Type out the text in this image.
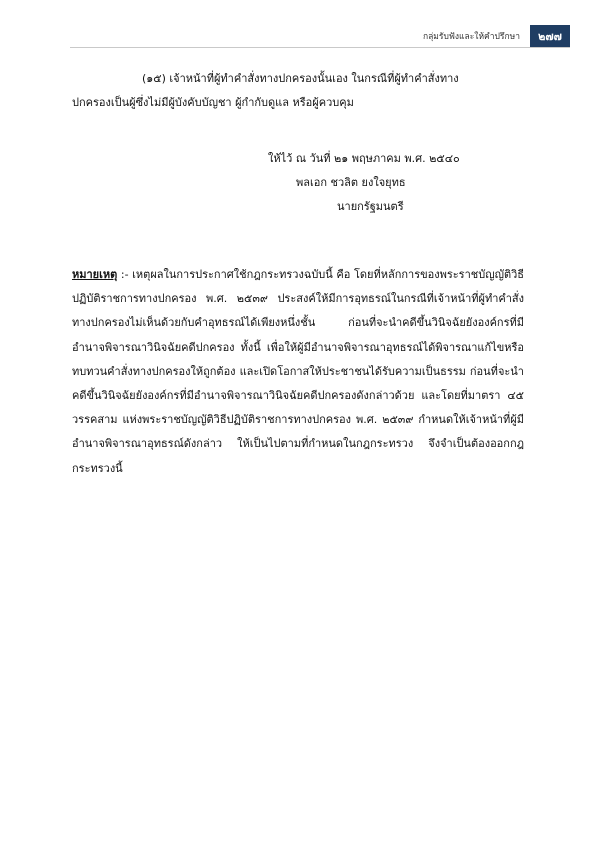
กลุ่มรับฟังและให้คำปรึกษา	๒๗๗
(๑๕) เจ้าหน้าที่ผู้ทำคำสั่งทางปกครองนั้นเอง ในกรณีที่ผู้ทำคำสั่งทาง
ปกครองเป็นผู้ซึ่งไม่มีผู้บังคับบัญชา ผู้กำกับดูแล หรือผู้ควบคุม
ให้ไว้ ณ วันที่ ๒๑ พฤษภาคม พ.ศ. ๒๕๔๐
พลเอก ชวลิต ยงใจยุทธ
นายกรัฐมนตรี
หมายเหตุ :- เหตุผลในการประกาศใช้กฎกระทรวงฉบับนี้ คือ โดยที่หลักการของพระราชบัญญัติวิธีปฏิบัติราชการทางปกครอง พ.ศ. ๒๕๓๙ ประสงค์ให้มีการอุทธรณ์ในกรณีที่เจ้าหน้าที่ผู้ทำคำสั่งทางปกครองไม่เห็นด้วยกับคำอุทธรณ์ได้เพียงหนึ่งชั้น ก่อนที่จะนำคดีขึ้นวินิจฉัยยังองค์กรที่มีอำนาจพิจารณาวินิจฉัยคดีปกครอง ทั้งนี้ เพื่อให้ผู้มีอำนาจพิจารณาอุทธรณ์ได้พิจารณาแก้ไขหรือทบทวนคำสั่งทางปกครองให้ถูกต้อง และเปิดโอกาสให้ประชาชนได้รับความเป็นธรรม ก่อนที่จะนำคดีขึ้นวินิจฉัยยังองค์กรที่มีอำนาจพิจารณาวินิจฉัยคดีปกครองดังกล่าวด้วย และโดยที่มาตรา ๔๕ วรรคสาม แห่งพระราชบัญญัติวิธีปฏิบัติราชการทางปกครอง พ.ศ. ๒๕๓๙ กำหนดให้เจ้าหน้าที่ผู้มีอำนาจพิจารณาอุทธรณ์ดังกล่าว ให้เป็นไปตามที่กำหนดในกฎกระทรวง จึงจำเป็นต้องออกกฎกระทรวงนี้
